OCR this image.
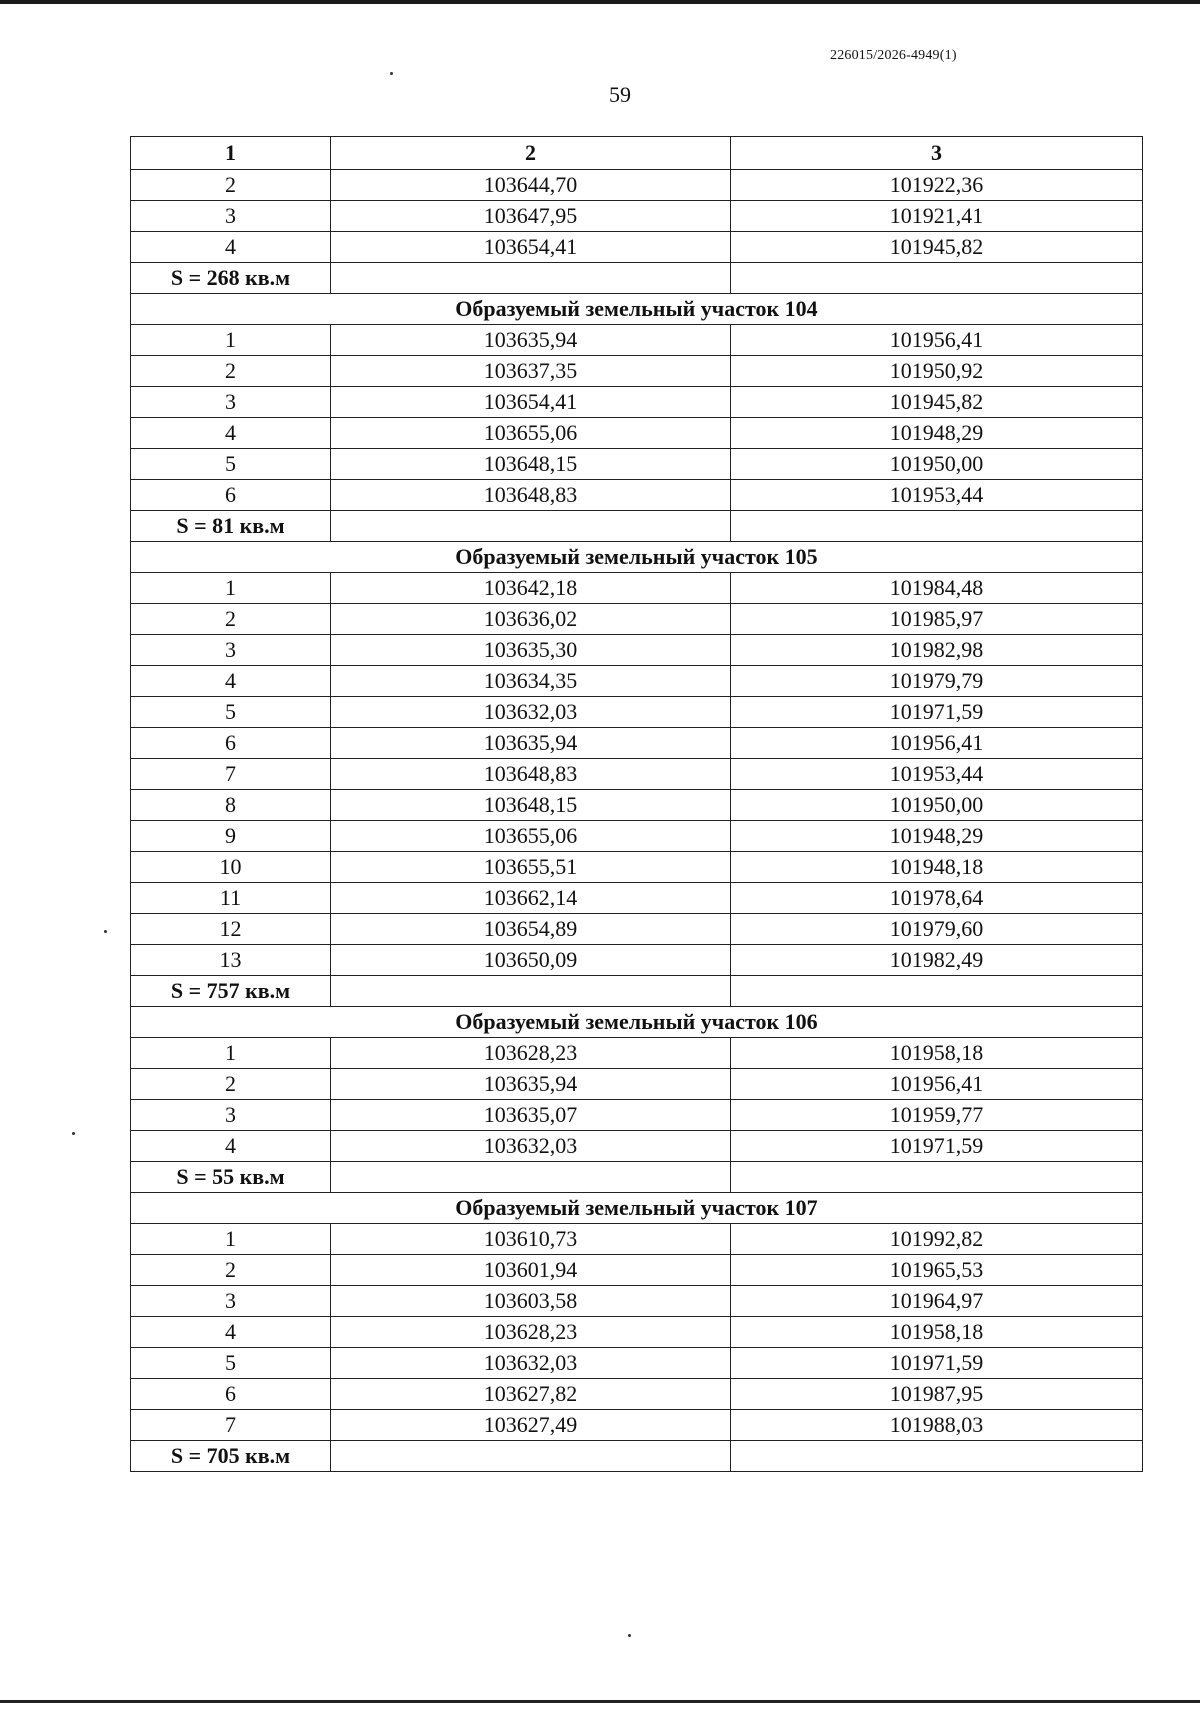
226015/2026-4949(1)
59
1	2	3
2	103644,70	101922,36
3	103647,95	101921,41
4	103654,41	101945,82
S = 268 кв.м		
Образуемый земельный участок 104		
1	103635,94	101956,41
2	103637,35	101950,92
3	103654,41	101945,82
4	103655,06	101948,29
5	103648,15	101950,00
6	103648,83	101953,44
S = 81 кв.м		
Образуемый земельный участок 105		
1	103642,18	101984,48
2	103636,02	101985,97
3	103635,30	101982,98
4	103634,35	101979,79
5	103632,03	101971,59
6	103635,94	101956,41
7	103648,83	101953,44
8	103648,15	101950,00
9	103655,06	101948,29
10	103655,51	101948,18
11	103662,14	101978,64
12	103654,89	101979,60
13	103650,09	101982,49
S = 757 кв.м		
Образуемый земельный участок 106		
1	103628,23	101958,18
2	103635,94	101956,41
3	103635,07	101959,77
4	103632,03	101971,59
S = 55 кв.м		
Образуемый земельный участок 107		
1	103610,73	101992,82
2	103601,94	101965,53
3	103603,58	101964,97
4	103628,23	101958,18
5	103632,03	101971,59
6	103627,82	101987,95
7	103627,49	101988,03
S = 705 кв.м		
